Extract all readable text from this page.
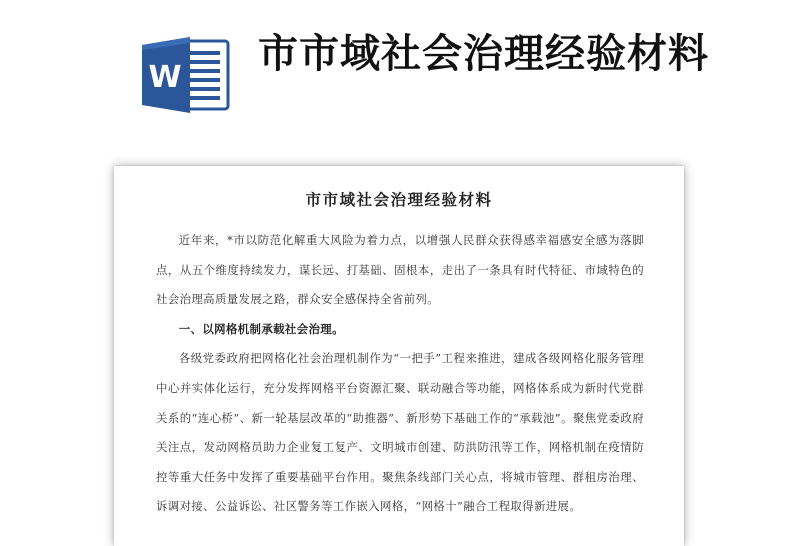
W
市市域社会治理经验材料
市市域社会治理经验材料

近年来，*市以防范化解重大风险为着力点，以增强人民群众获得感幸福感安全感为落脚点，从五个维度持续发力，谋长远、打基础、固根本，走出了一条具有时代特征、市域特色的社会治理高质量发展之路，群众安全感保持全省前列。

一、以网格机制承载社会治理。

各级党委政府把网格化社会治理机制作为“一把手”工程来推进，建成各级网格化服务管理中心并实体化运行，充分发挥网格平台资源汇聚、联动融合等功能，网格体系成为新时代党群关系的“连心桥”、新一轮基层改革的“助推器”、新形势下基础工作的“承载池”。聚焦党委政府关注点，发动网格员助力企业复工复产、文明城市创建、防洪防汛等工作，网格机制在疫情防控等重大任务中发挥了重要基础平台作用。聚焦条线部门关心点，将城市管理、群租房治理、诉调对接、公益诉讼、社区警务等工作嵌入网格，“网格十”融合工程取得新进展。
